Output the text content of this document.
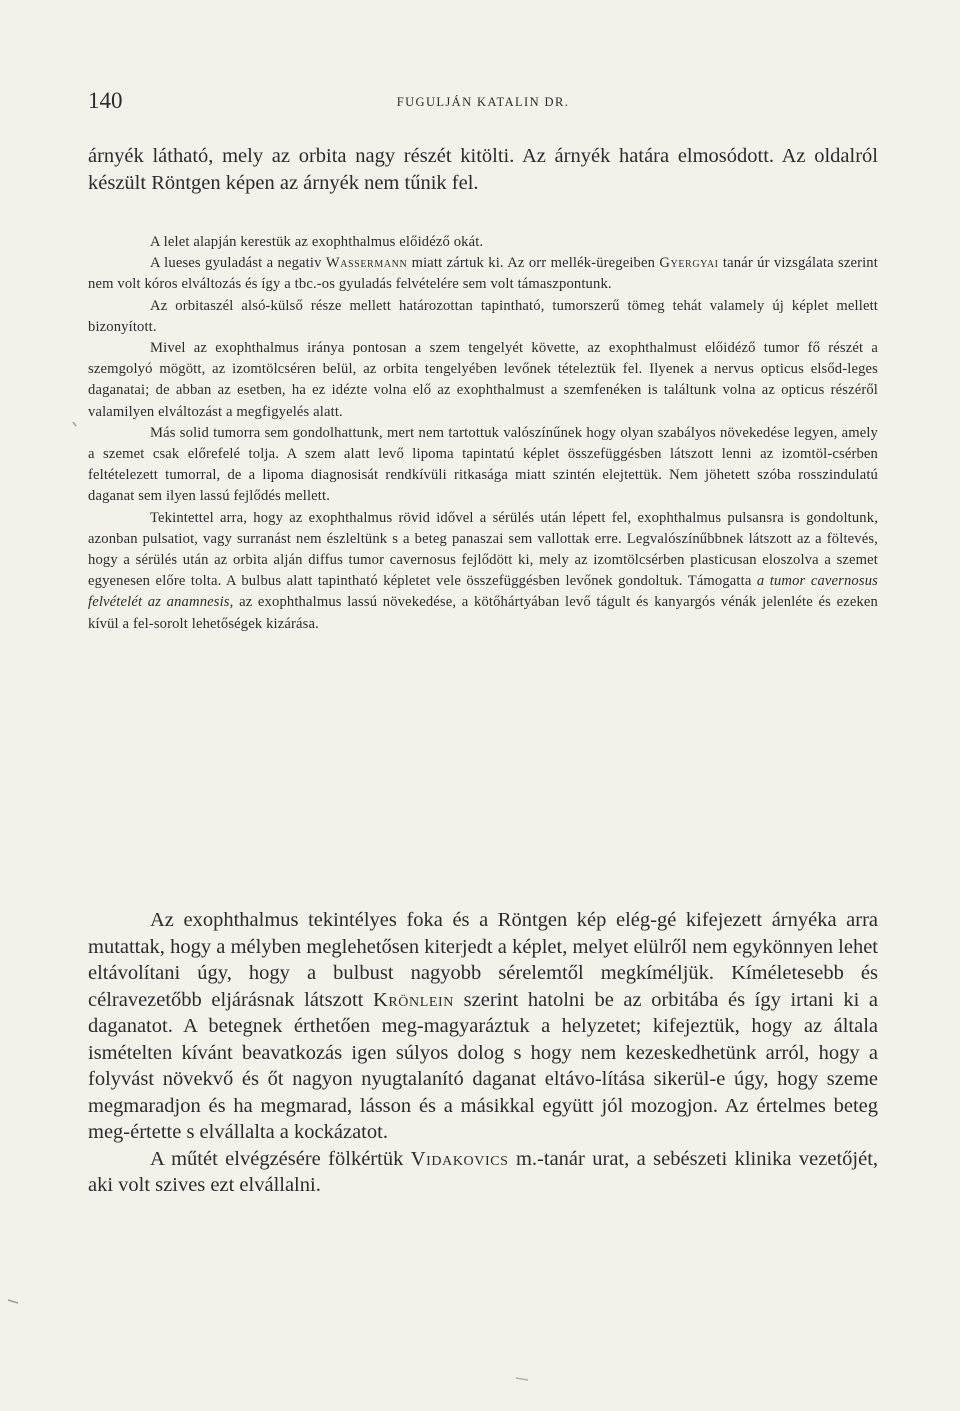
140	FUGULJÁN KATALIN DR.

árnyék látható, mely az orbita nagy részét kitölti. Az árnyék határa elmosódott. Az oldalról készült Röntgen képen az árnyék nem tűnik fel.

A lelet alapján kerestük az exophthalmus előidéző okát.

A lueses gyuladást a negativ Wassermann miatt zártuk ki. Az orr mellék-üregeiben Gyergyai tanár úr vizsgálata szerint nem volt kóros elváltozás és így a tbc.-os gyuladás felvételére sem volt támaszpontunk.

Az orbitaszél alsó-külső része mellett határozottan tapintható, tumorszerű tömeg tehát valamely új képlet mellett bizonyított.

Mivel az exophthalmus iránya pontosan a szem tengelyét követte, az exophthalmust előidéző tumor fő részét a szemgolyó mögött, az izomtölcséren belül, az orbita tengelyében levőnek tételeztük fel. Ilyenek a nervus opticus elsőd-leges daganatai; de abban az esetben, ha ez idézte volna elő az exophthalmust a szemfenéken is találtunk volna az opticus részéről valamilyen elváltozást a megfigyelés alatt.

Más solid tumorra sem gondolhattunk, mert nem tartottuk valószínűnek hogy olyan szabályos növekedése legyen, amely a szemet csak előrefelé tolja. A szem alatt levő lipoma tapintatú képlet összefüggésben látszott lenni az izomtöl-csérben feltételezett tumorral, de a lipoma diagnosisát rendkívüli ritkasága miatt szintén elejtettük. Nem jöhetett szóba rosszindulatú daganat sem ilyen lassú fejlődés mellett.

Tekintettel arra, hogy az exophthalmus rövid idővel a sérülés után lépett fel, exophthalmus pulsansra is gondoltunk, azonban pulsatiot, vagy surranást nem észleltünk s a beteg panaszai sem vallottak erre. Legvalószínűbbnek látszott az a föltevés, hogy a sérülés után az orbita alján diffus tumor cavernosus fejlődött ki, mely az izomtölcsérben plasticusan eloszolva a szemet egyenesen előre tolta. A bulbus alatt tapintható képletet vele összefüggésben levőnek gondoltuk. Támogatta a tumor cavernosus felvételét az anamnesis, az exophthalmus lassú növekedése, a kötőhártyában levő tágult és kanyargós vénák jelenléte és ezeken kívül a fel-sorolt lehetőségek kizárása.

Az exophthalmus tekintélyes foka és a Röntgen kép elég-gé kifejezett árnyéka arra mutattak, hogy a mélyben meglehetősen kiterjedt a képlet, melyet elülről nem egykönnyen lehet eltávolítani úgy, hogy a bulbust nagyobb sérelemtől megkíméljük. Kíméletesebb és célravezetőbb eljárásnak látszott Krönlein szerint hatolni be az orbitába és így irtani ki a daganatot. A betegnek érthetően meg-magyaráztuk a helyzetet; kifejeztük, hogy az általa ismételten kívánt beavatkozás igen súlyos dolog s hogy nem kezeskedhetünk arról, hogy a folyvást növekvő és őt nagyon nyugtalanító daganat eltávo-lítása sikerül-e úgy, hogy szeme megmaradjon és ha megmarad, lásson és a másikkal együtt jól mozogjon. Az értelmes beteg meg-értette s elvállalta a kockázatot.

A műtét elvégzésére fölkértük Vidakovics m.-tanár urat, a sebészeti klinika vezetőjét, aki volt szives ezt elvállalni.
